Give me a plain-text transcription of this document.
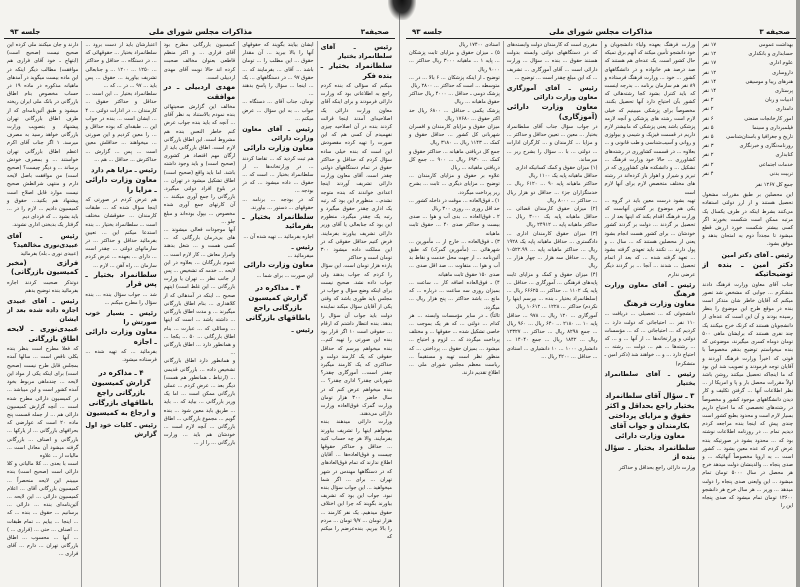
صحیفه۳
مذاکرات مجلس شورای ملی
جلسه ۹۳

رئیس ـ آقای سلطانمراد بختیار

سلطانمراد بختیار ـ بنده فکر

میکنم که سؤالی که بنده کردم راجع به اطلاعاتی بود که وزارت دارائی فرمودند و برای اینکه آقای معاون وزارت دارائی یک اصلاحیه‌ای آمدند اینجا قرائت کردند بنده در آن اصلاحیه چیزی نفهمیدم آن کسی هم که این صورت را تهیه کرده مقصودش این است که بنده خیلی ساده سؤال کردم که حداقل و حداکثر حقوق در تمام دستگاههای دولتی چقدر است. آقای معاون وزارت دارائی تشریف آوردند اینجا اعدادی خواندند که بنده متوجه نشدم... منظورم این بود که رتبه یک اداری چقدر حقوق میگیرد و رتبه یک چقدر میگیرد. منظورم این بود که جنابعالی یا آقای وزیر دارائی تشریف بیاورند بفرمایند. فرض کنیم حداقل حقوقی که در این مملکت داده میشود ۳۰۰ تومان است و حداکثر

یازده هزار تومان است. این سؤال را کردم که جواب بدهند ولی جواب داده نشد. صحیح نیست برای اینکه وضع سؤال و جواب در مجلس باید طوری باشد که وقتی یکی از آقایان سؤال میکند نماینده دولت باید جواب آن سؤال را بدهد. بنده انتظار داشتم که ارقام ... حقوقی است ۱۰ اگر قرار بود بنده این صورتی را تهیه کنم... بنده میخواهم بپرسم که حداقل حقوقی که یک کارمند دولت و حداکثری که یک کارمند میگیرد چقدر است... آموزگاری چقدر؟ شهربانی چقدر؟ اداری چقدر؟ ... بنده میخواهم عرض کنم که در سال حاضر ۳۰۰ هزار تومان وزارت گمرک فوق‌العاده وزارت دارائی می‌دهند.

وزارت دارائی میدهند بنده میخواهم اینها را تشریف بیاورند بفرمایند. والا هر چه حساب کنید ... حداقل و حداکثر حقوقها چیست و فوق‌العاده‌ها ... آقایان اطلاع ندارند که تمام فوق‌العادهای که در دستگاهها مهندس در شهر تهران ... برای ... اگر شما میخواهید ... این جواب سؤال بنده نبود. جواب این بود که تشریف بیاورند بگویند که چرا این اختلاف حقوق میدهیم. یک نفر کارمند ... هزار تومان ... ۹/۷ تومان ... مردم را بالا ببریم. بنده‌عرضم را میکنم که

ایشان بیایند بگویند که حقوقهای آنها را بالا ببرید ... آن مقدار حقوق ... این مطلب را ... تومان باشد ... آقای ... بفرمایند که ... حقوق ۹۷ ... در دستگاههای ... یک ... اینجا ... سؤال را پاسخ بدهند ...

تومان، جناب آقای ... دستگاه ... جواب ... به این سؤال ... عرض میکنم ...

رئیس ـ آقای معاون وزارت دارائی

معاون وزارت دارائی

هم ثبت کردید که ... تقاضا کردند ... در وزارتخانه‌ها ... از سلطانمراد بختیار ... است که ... حقوق ... داده میشود ... که در بودجه ...

که در بودجه ... برنامه ... حقوقهای ... دستور ... بیاورند.

سلطانمراد بختیار ـ بفرمائید

اجازه بفرمائید ... تهیه شده آن ...

رئیس ـ

میفرمائید ...

معاون وزارت دارائی

این صورت ... برای شما ...

۴ ـ مذاکره در گزارش کمیسیون بازرگانی راجع باطاقهای بازرگانی

رئیس ـ

کمیسیون بازرگانی مطرح بود آقای فرازی ... و اکثر منظم قاطعی بعنوان مخالف صحبت کرده اند حالا نوبت آقای مهدی اردبیلی است.

مهدی اردبیلی ـ در موافقت

مخالف این گزارش صحبتهائی بنده نمودم بالاستناد به نظر آقای ... آنچه که باید بنده جواب عرض کنم خاطر النعس بنده هم مشروط است. این اطاق بازرگانی لازم است. اطاق بازرگانی باید از ارگان مهم اقتصاد هر کشوری (صحیح است) و باید وجود داشته باشد. اما باید واقع (صحیح است) اطاق تشکیل میشود در تهران ... در بلوغ افراد دولتی میگیرد. بازرگانی را جمع آوری میکنند ... آن کارتهای جمع آوری شده مخصوص ... بپول بوده‌اند و مبلغ جلو ...

آنها موجودات فعالی میشوند ... های بی‌درمان بازرگانی که ... کسی هست و ... شغل بدهند وامرار معاش ... کار لازم است ... عموم بازرگانان ... بعلاوه در این لایحه ... خدمه که تشخیص ... پس از جانب نظر ... تهران یا وزارت بازرگانی ... این غلط است) ایتهم صحیح ... اینکه در آمدهائی که از کلاهداری ... بنام اطاق بازرگانی میگیرند ... و مدت اطاق بازرگانی ... داشته باشد ... است که اینها ... وسائلی که ... عبارت ... بنام اطاق بازرگانی ... ۵۰ ... یکجا ... و همانطور دارد ... اطاق بازرگانی ...

و همانطور دارد اطاق بازرگانی تشخیص داده ... بازرگانی قدیمی ... (ارتباط ـ همانطور هم هست) دیگر بعد ... عرض کردم ... عملی بازرگانی ممکن است ... اما یک وزیر بازرگانی ... بیاید که ... باید ... طریق باید معین شود ... بنده گویم ... مجموع بازرگانی ... اطاق بازرگانی ... آنچه لازم است ... خودشان هم باید ... وزارت بازرگانی ... را از ...

اعتبارشان باید از دست برود ... سلطانمراد بختیار ... حقوقهائی که ... در دستگاه ... حداقل و حداکثر ... ۱۲۵۰ ... ۱۲۰۰ ... و جنابعالی تشریف بیاورید ... حقوق ... پس باید ... ۹۷ ... در ... که ...

سلطانمراد بختیار ... این است ... حداقل و حداکثر حقوق ... کارمندان ... در ادارات دولتی ... ۴ ... ایشان است ... بنده در جواب این ... طبقه‌ای که بوده حداقل و ... را معین کردیم و این صورتی ... میخواهند ... حداقلش معین است ... پس ... گزارش ... حداکثرش ... حداقل ... هم ...

رئیس ـ مزایا هم دارد

معاون وزارت دارائی ـ مزایا را

هم عرض کردم در صورتی که اینجا سؤال شده که ... طبقات کارمندان ... حقوقشان مختلف است ... سلطانمراد بختیار ... بنده استدعا میکنم این ... تعیین بفرمائید حداقل و حداکثر ... در سازمانهای دولتی ... چقدر است ... دارای ... بعهده ... عرض کردم سازمان ... راه آهن ... لازم ...

سلطانمراد بختیار ـ پس قرار

شد ... جواب سؤال بنده ... بنده سؤال را مطرح میکنم ...

رئیس ـ بسیار خوب صورتش را

معاون وزارت دارائی ـ اجازه

بفرمائید ... که تهیه شده ... فرستاده میشود.

۴ ـ مذاکره در گزارش کمیسیون بازرگانی راجع باطاقهای بازرگانی و ارجاع به کمیسیون

رئیس ـ کلیات خود اول گزارش

دارند و جان میکنند ملی کرده این صحیح نیست (صحیح است) (ابتهاج ـ خود آقای فرازی هم موافقت) مطالب دیگر اینکه در این ماده بیست میگوید در آمدهای ماهیانه مذکوره در ماده ۱۹ در حساب مخصوص بنام اطاق بازرگانی در بانک ملی ایران ریخته میشود و طبق آئین‌نامه‌ای که از طرف اطاق بازرگانی تهران پیشنهاد و بتصویب وزارت بازرگانی خواهد رسید به مصرف میرسد. ۱ اگر جناب آقای اکرم اعظم اطاق بازرگانی تهران خواستند ... و بمصرف خودش برساند ... و دیگر چیست؟ (صحیح است) من موافقت باصل لایحه دارم و منتهی شرائطش صحیح نیست موارد قابل اصلاح است پیشنهاد هم بکنید... حقوق و کمیسیون دادیم ... لازم را در ... باید بشود ... که فردای دیم

گرفتار یک بدبختی اداری نشوند.

رئیس ـ آقای عبیدی‌نوری مخالفید؟

(عبیدی نوری ـ بله) بفرمائید

فرازی (مخبر کمیسیون بازرگانی)

دوتذکر صحبت کردند اجازه بفرمائید بنده توضیح بدهم

رئیس ـ آقای عبیدی اجازه داده شده بعد از ایشان

عبیدی‌نوری ـ لایحه اطاق بازرگانی

که فعلا مطرح است بنظر بنده بکلی ناقص است ... سالها آمده بمجلس قابل طرح نیست (صحیح است) برای اینکه یکی از مواد این لایحه ... چندماهی مربوط بخود آمده کشور است و این میباشد ... در کمیسیون دارائی مطرح شده است ... آنچه گزارش کمیسیون دارائی هم ... از جمله قسمت پنج ماده ۲۰ است که عوارضی که بحرافهای بازرگانی ... از یارکها ... بازرگانی و اصناف ... بازرگانی گرفته میشود آن معادل است ... مالیات از ... علاوه

است با بعدی ... کلا مالیاتی و کلا دارائی است (صحیح است) بنده میبینم این لایحه منحصراً ... کمیسیون بازرگانی آقای ... اعلام کمیسیون دارائی ... این لایحه ... آئین‌نامه‌ای بنده ... دارائی ... برسانیم ... حقوق ... بنده ... که ... اینجا ... بیایم ... تمام طبقات ... اصناف ... حتی ... (فرازی ... ) ... آنها ... محسوب ... اطاق بازرگانی تهران ... دارم ... آقای فرازی ...

صحیفه ۳
مذاکرات مجلس شورای ملی
جلسه ۹۳
بهداشت عمومی
۱۷ نفر
حسابداری و بانکداری
۱۲ نفر
علوم اداری
۱۷ نفر
داروسازی
۱۲ نفر
هنرهای زیبا و موسیقی
۱۴ نفر
پرستاری
۱۴ نفر
ادبیات و زبان
۲ نفر
دامداری
۲ نفر
امور کارخانجات صنعتی
۶ نفر
فیلمبرداری و سینما
۵ نفر
تاریخ و جغرافیا و باستان‌شناسی
۵ نفر
روزنامه‌نگاری و خبرنگاری
۳ نفر
کتابداری
۲ نفر
خدمات اجتماعی
۲ نفر
تربیت بدنی
۴ نفر
جمع کل ۱۲۶۷ نفر

این محصلین بر طبق مقررات مشغول تحصیل هستند و از ارز دولتی استفاده می‌کنند بشرط اینکه در طرف یکسال یک مرتبه ممکن است شکست بخورند اگر کسی بیشتر شکست خورد ارزش قطع میشود تا مجدداً دوم به امتحان بدهد و موفق بشود.

رئیس ـ آقای دکتر امین

دکتر امین ـ بنده از توضیحاتیکه

جناب آقای معاون وزارت فرهنگ دادند متشکرم ... جوابی که مشخص شد تصور میکنم که آقایان خاطر شان متذکر است بنده در موقع طرح این موضوع را بنظر رسیده بودند و آن این است که عده‌ای از دانشجویان هستند که کرنک خرج میکنند یک چند نفری هستند که برایشان ماهی ۵۰۰ تومان دوماه کسری میگیرند، موضوعی که بنده میخواستم توضیح بدهم مخصوصاً با فوتی که اخیراً وزارت فرهنگ آوردند و آقایان توجه فرمودند و تصویب شد این بود که ما اینجاکه تحصیل میکنند روشن باشد اولاً مقررات محصل بار و پا و امریکا از ... نظر اطلاعات آنها ... گرفتن تکلیف و کار دیدن دانشگاههای موجود کشور و مخصوصاً در رشته‌های تخصصی که ما احتیاج داریم بسیار لازم است و محدود بطبع کشور است چندی پیش که اینجا بنده مراجعه کردم دیدیم تمام ... در روزنامه اطلاعات نوشته بود که ... محدود بشود در صورتیکه بنده عرض کردم که عده معین بشود ... کشور است ... به اروپا مخصوصاً آنهائیکه ... و صدی پنجاه ... والدینشان دولت میدهد خرج هر محصل در سال ۵۰۰۰ تومان تمام میشود ... این وایعنی صدی پنجاه را دولت میدهد ... وزیر ... هر سال خرج هر دانشجو ۱۳۶۰۰ تومان تمام میشود که صدی پنجاه این را

وزارت فرهنگ بعهده ولیاء دانشجویان و خود دانشجو تأمین میکند که آنهم برق تمیکه حال کشور است. یک عده‌ای هم هستند که صد درصد هم خانواده و در دانشگاههای کشور ... خود ... وزارت فرهنگ فرستاده و ۸۹ نفر هم سازمان برنامه ... بدرجه اینست که باید کنترل بشود کجا رشته‌هائی که کشور بآن احتیاج دارد آنها تحصیل بکنند. مخصوصاً برای پزشکی میبینیم که خیلی لازم است رشته های پزشکی و آنچه لازمه پزشکی باشد یعنی پزشکی که مابیشتر لازم داریم در قسمت فیزیک و شیمی و بیولوژی و روانی و آسیب‌شناسی و طب قانونی و ... بعلاوه ... در قسمت کشاورزی در رشته‌های کشاورزی ... حالا خود وزارت فرهنگ ... تشکیل ... و دانشکده های کشاورزی که در تبریز و شیراز و اهواز باز کرده‌اند در رشته های مختلف متخصص لازم برای آنها لازم است

تهیه بشود درست معین باید در گروه ... یکی هم موضوع بر گشتن آنهاست که وزارت فرهنگ اقدام بکند که اینها بعد از ... تحصیل بر گردند ... دولت بر گردند کشور خودشان ... برای کشور هست انجام بشود یعنی از محصلین هستند که ... سال ... و پول دارند ... تکنند باید تعهدی گرفته بشود ... تعهد گرفته شده ... که بعد از اتمام تحصیل ... شدند ... آنجا ... بر گردند دیگر عرضی ندارم

رئیس ـ آقای معاون وزارت فرهنگ

معاون وزارت فرهنگ

دانشجوئی که ... تحصیلی ... دریافت ... ۱۱۰ نفر ... احتیاجاتی که دولت دارد ... کردیم که ... احتیاجاتی ... که ... مؤسسات دولتی و وزارتخانه‌ها ... از آنها ... و ... که ... رشته‌ها ... هم ... دولت ... رشته ... احتیاج دارد ... و ... خواهند شد (دکتر امین ـ متشکرم)

رئیس ـ آقای سلطانمراد بختیار

۳ ـ سؤال آقای سلطانمراد بختیار راجع بحداقل و اکثر حقوق و مزایای پرداختی بکارمندان و جواب آقای معاون وزارت دارائی

سلطانمراد بختیار ـ سؤال بنده از

وزارت دارائی راجع بحداقل و حداکثر

مقرری است که کارمندان دولت وابسته‌های که در دستگاههای دولتی وابسته بدولت هستند حقوق ... بنده ... سؤال ... وزارت دارائی است ... آقای آموزگاری ... تشریف ... که این مبلغ چقدر است ... توضیح ...

رئیس ـ آقای آموزگاری معاون وزارت دارائی

معاون وزارت دارائی (آموزگاری)

در جواب سؤال جناب آقای سلطانمراد بختیار ... معین ... تعیین حداقل و حداکثر ... و مزایا ... کارمندان و ... کارگران ادارات ... دولتی ... با ... سؤال را بشرح زیر ... میرساند.

(۱) میزان حقوق و کمک کسانیکه اداری

حداقل ماهیانه پایه یک ۱۱۰۰ ریال

حداکثر ماهیانه پایه ۹۰ ... ۶۱۲۰ ریال ... خدمتگزاران جزء ... حداقل دو هزار ریال ... حداکثر ... ۸۰۰۰ ریال

(۲) میزان حقوق کارمندان قضائی ... حداقل ماهیانه پایه یک ۳۰۰۰ ریال ... حداکثر ماهیانه پایه ... ۲۴۹۱۲ ریال

(۳) میزان حقوق کارمندان اداری ... دادگستری ... حداقل ماهیانه پایه یک ۱۹۲۸ ریال ... حداکثر ماهیانه پایه ... ۱۰۵۲۲.۹۹ ریال ... حداقل سه هزار ... چهار هزار ... ریال

(۴) میزان حقوق و کمک و مزایای ثابت پایه‌های فرهنگی ... آموزگاری ... حداقل ... پایه یک ۱۱۰۲ ... حداکثر ... ۶۶۶۲۵ ریال ... (سلطانمراد بختیار ـ بنده ... بپرسم اینها را نکردم) حداکثر ... ۱۲۲۸ ... ۱۰۶۱۲ ریال

آموزگاری ... ۱۲۰ ریال ... ۹۷۸ ... حداقل پایه ۱۰ ... ۲۱۸۰ ... ۶۴۰ ریال ... ۹۶۰ ریال ... جمع ۸۲۹۸ ریال ... حداکثر ... ۱۲۳۲۷ ریال ... ۱۸۴۲ ریال ... جمع ۱۴۰۴۰ ... دانشیاری ۱۰۰۰ ... ۱۰ دانشیاری ... استادی ... حداقل ... ۴۲۰۰ ریال ...

استادی ۱۷۴۰۰ ریال

۵) ـ میزان حقوق و مزایای ثابت پزشکان ... پایه ۱ ... ماهیانه ۳۰۰۰ ریال حداکثر ... ۹۰۰۰ ریال

توضیح ـ از اینکه پزشکان ... ۶ بالا ... در ... متوسطه ... است که حداکثر ... ۲۸۰۰ ریال

پزشک دومی ـ حداقل ... ۴۰۰۰ ریال حداکثر حقوق ماهیانه ... ریال

پزشک یکمی ـ حداقل ... ۶۸۰۰ ریال حد اکثر حقوق ... ۱۷۶۸۰ ریال

میزان حقوق و مزایای کارمندان و افسران شهربانی کل کشور ... حداقل حقوق و کمک ... ۱۱۴۳ ریال ... ۳۱۸۰ ریال

جمع کل دریافتی ماهیانه ... حداکثر حقوق و کمک ... ۶۹۳۰ ریال ... ۹۰۰ ... جمع کل دریافتی ماهیانه ... ریال

علاوه بر حقوق و مزایای کارمندان ... توضیح ... مزایای دیگری ... ثابت ... بشرح زیر پرداخت میگردد.

۱) ـ فوق‌العاده ... موقت در داخله کشور ... حد اقل روزی ... روزی ۳۰۰ ریال

۲ ـ فوق‌العاده ... بدی آب و هوا ... صدی بیست و حداکثر صدی ۴۰ ... حقوق ثابت ماهیانه

۳) ـ فوق‌العاده ... خارج از ... مأمورین ... شهرهائی ... (مأمورین گمرک) که طبق آئین‌نامه ... از جهت محل خدمت و نقاط بد آب و هوا ... متفاوت ... صد اقل صدی ... صدی ۱۵۰ حقوق ثابت ماهیانه

۴) ـ فوق‌العاده اضافه کار ... ساعت ... بمیزان روزی سه ساعت ... درباره ... که مانع ... باشد حداکثر ... پنج هزار ریال ... میگردد.

ثالثاً) ـ در سایر مؤسسات وابسته ... هر کدام ... دولتی ... که هر یک بموجب ... خاصی تشکیل شده ... حقوقها ... و مختلف پرداخت میگردد که ... لزوم و احتیاج ... میشود ... بمیزان حقوق ... پرداختی ... که منظور نظر است تهیه و مستقیماً ... ریاست معظم مجلس شورای ملی ... اطلاع تقدیم دارند.
